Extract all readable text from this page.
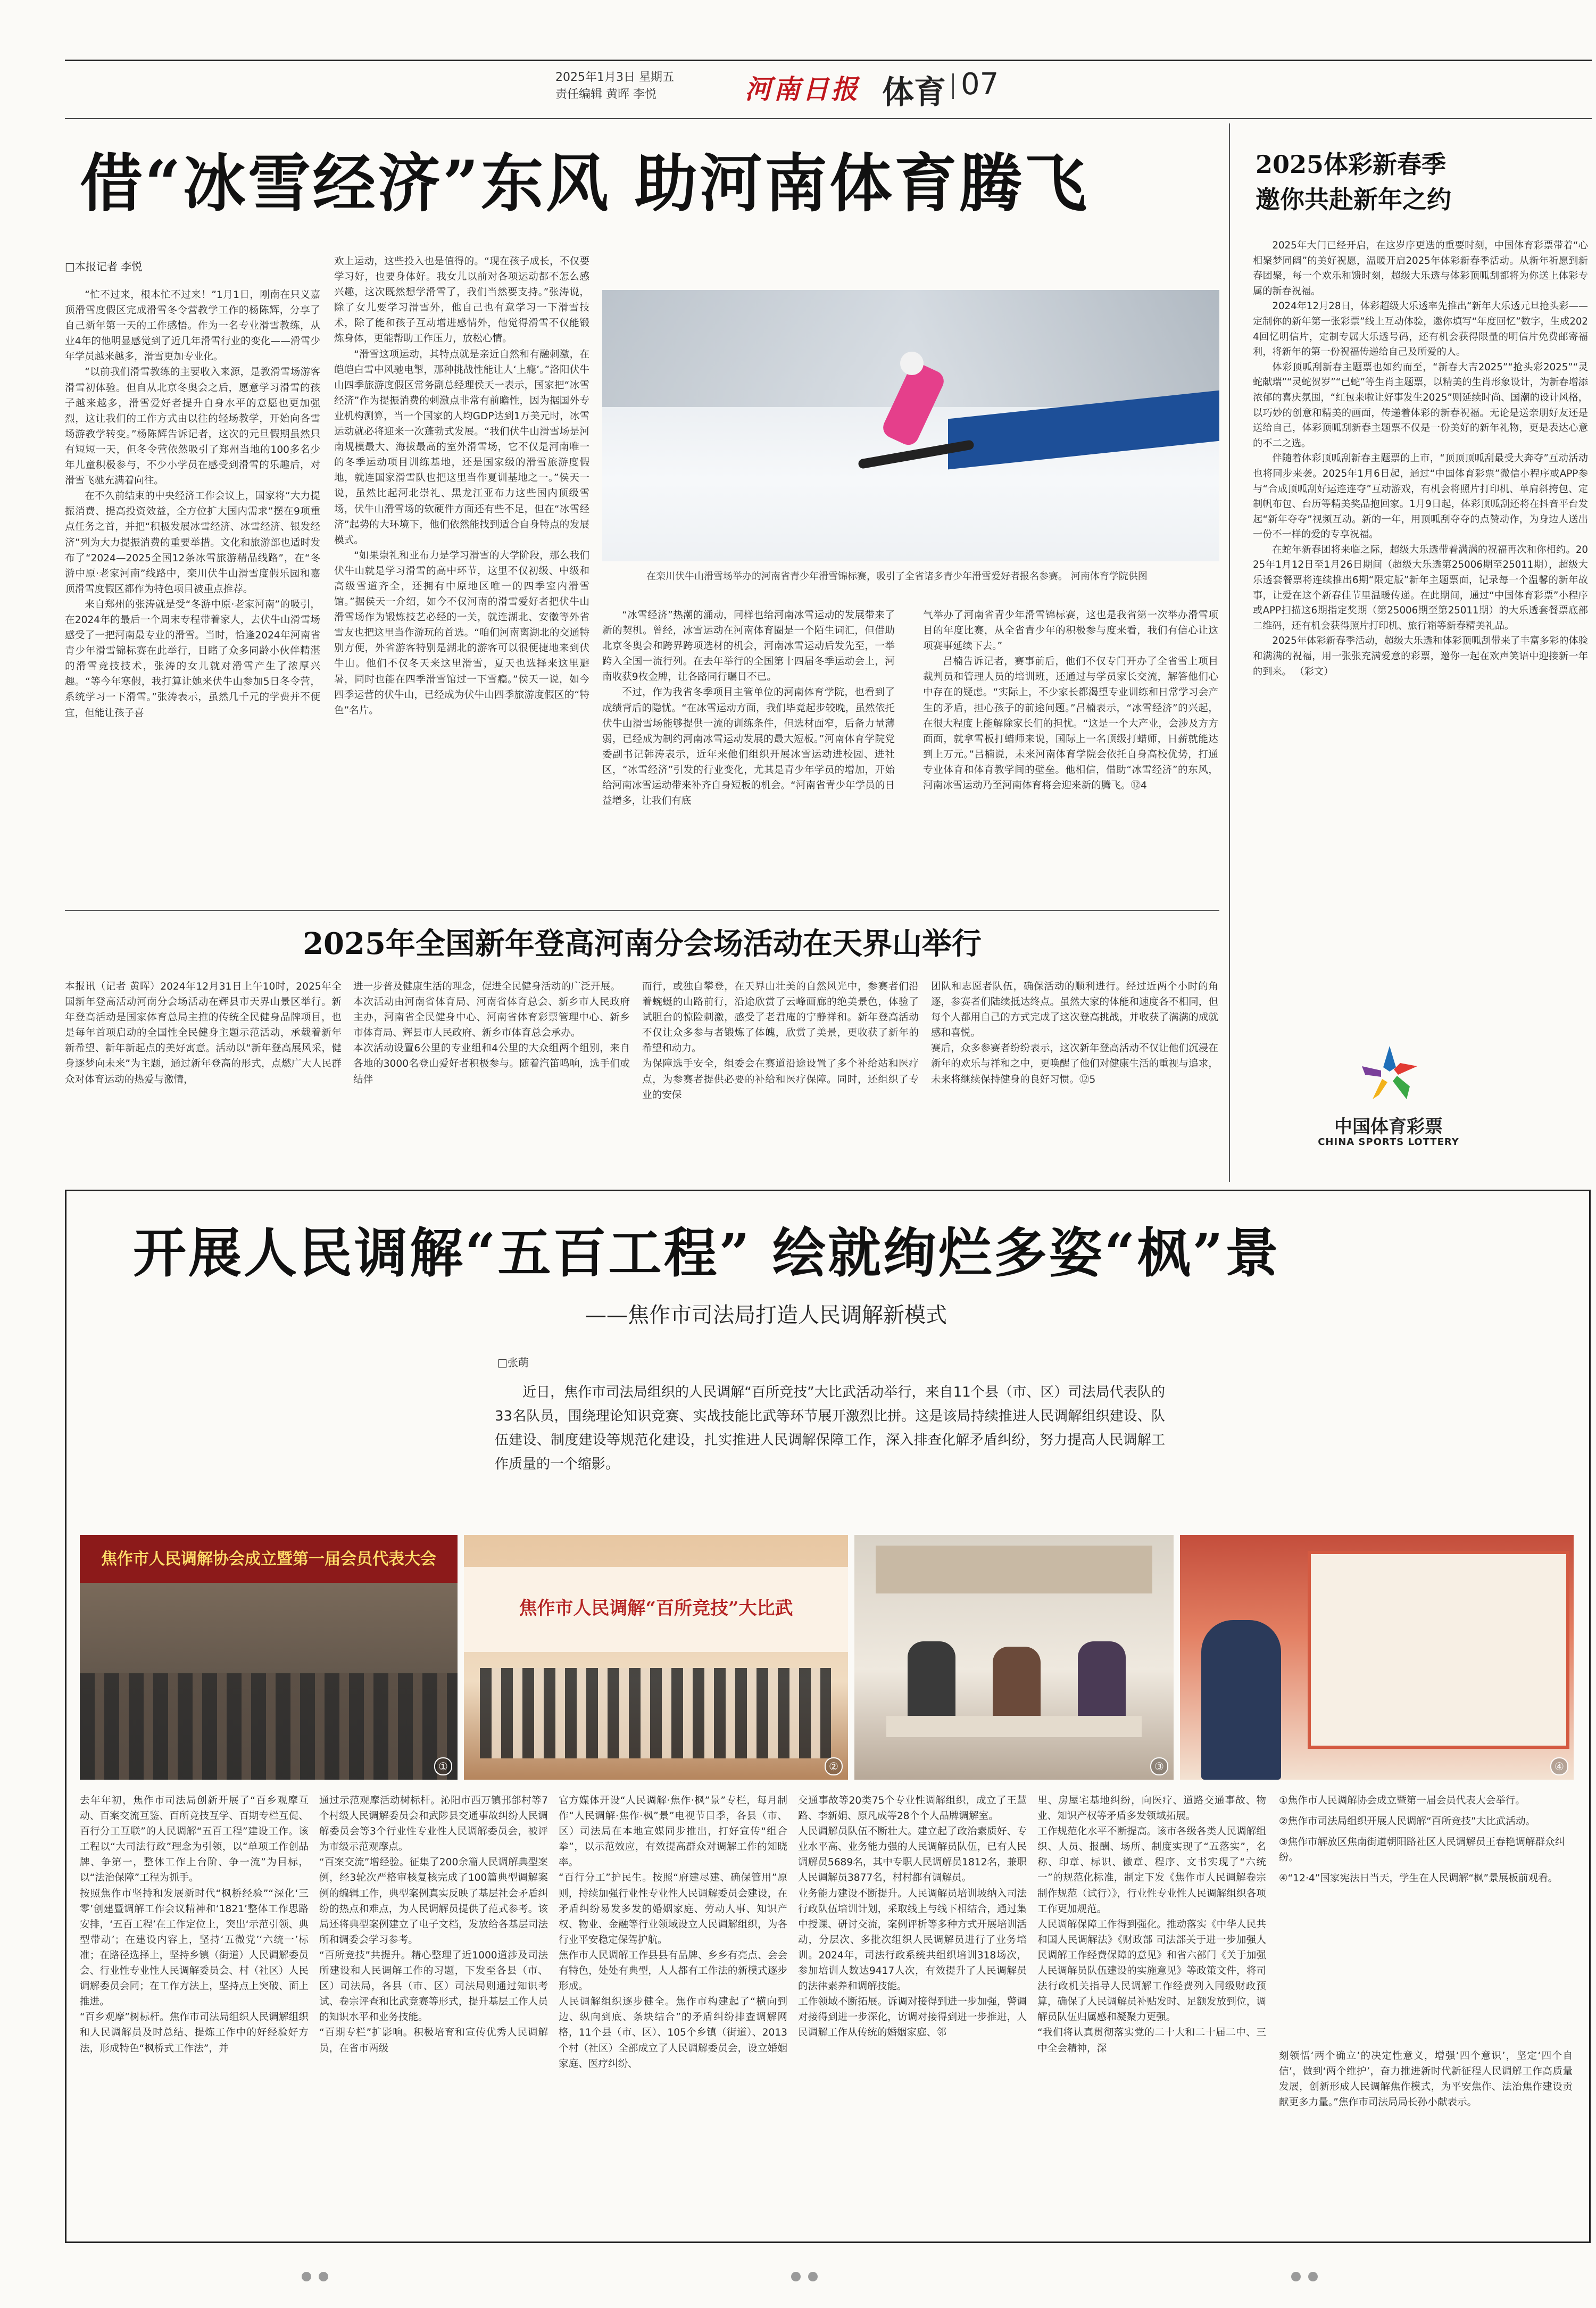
2025年1月3日 星期五
责任编辑 黄晖 李悦	河南日报 体育 07
借“冰雪经济”东风 助河南体育腾飞
□本报记者 李悦

“忙不过来，根本忙不过来！”1月1日，刚南在只义嘉顶滑雪度假区完成滑雪冬令营教学工作的杨陈辉，分享了自己新年第一天的工作感悟。作为一名专业滑雪教练，从业4年的他明显感觉到了近几年滑雪行业的变化——滑雪少年学员越来越多，滑雪更加专业化。

“以前我们滑雪教练的主要收入来源，是教滑雪场游客滑雪初体验。但自从北京冬奥会之后，愿意学习滑雪的孩子越来越多，滑雪爱好者提升自身水平的意愿也更加强烈，这让我们的工作方式由以往的轻场教学，开始向各雪场游教学转变。”杨陈辉告诉记者，这次的元旦假期虽然只有短短一天，但冬令营依然吸引了郑州当地的100多名少年儿童积极参与，不少小学员在感受到滑雪的乐趣后，对滑雪飞驰充满着向往。

在不久前结束的中央经济工作会议上，国家将“大力提振消费、提高投资效益，全方位扩大国内需求”摆在9项重点任务之首，并把“积极发展冰雪经济、冰雪经济、银发经济”列为大力提振消费的重要举措。文化和旅游部也适时发布了“2024—2025全国12条冰雪旅游精品线路”，在“冬游中原·老家河南”线路中，栾川伏牛山滑雪度假乐园和嘉顶滑雪度假区都作为特色项目被重点推荐。

来自郑州的张涛就是受“冬游中原·老家河南”的吸引，在2024年的最后一个周末专程带着家人，去伏牛山滑雪场感受了一把河南最专业的滑雪。当时，恰逢2024年河南省青少年滑雪锦标赛在此举行，目睹了众多同龄小伙伴精湛的滑雪竞技技术，张涛的女儿就对滑雪产生了浓厚兴趣。“等今年寒假，我打算让她来伏牛山参加5日冬令营，系统学习一下滑雪。”张涛表示，虽然几千元的学费并不便宜，但能让孩子喜

欢上运动，这些投入也是值得的。“现在孩子成长，不仅要学习好，也要身体好。我女儿以前对各项运动都不怎么感兴趣，这次既然想学滑雪了，我们当然要支持。”张涛说，除了女儿要学习滑雪外，他自己也有意学习一下滑雪技术，除了能和孩子互动增进感情外，他觉得滑雪不仅能锻炼身体，更能帮助工作压力，放松心情。

“滑雪这项运动，其特点就是亲近自然和有融刺激，在皑皑白雪中风驰电掣，那种挑战性能让人‘上瘾’。”洛阳伏牛山四季旅游度假区常务副总经理侯天一表示，国家把“冰雪经济”作为提振消费的刺激点非常有前瞻性，因为据国外专业机构测算，当一个国家的人均GDP达到1万美元时，冰雪运动就必将迎来一次蓬勃式发展。“我们伏牛山滑雪场是河南规模最大、海拔最高的室外滑雪场，它不仅是河南唯一的冬季运动项目训练基地，还是国家级的滑雪旅游度假地，就连国家滑雪队也把这里当作夏训基地之一。”侯天一说，虽然比起河北崇礼、黑龙江亚布力这些国内顶级雪场，伏牛山滑雪场的软硬件方面还有些不足，但在“冰雪经济”起势的大环境下，他们依然能找到适合自身特点的发展模式。

“如果崇礼和亚布力是学习滑雪的大学阶段，那么我们伏牛山就是学习滑雪的高中环节，这里不仅初级、中级和高级雪道齐全，还拥有中原地区唯一的四季室内滑雪馆。”据侯天一介绍，如今不仅河南的滑雪爱好者把伏牛山滑雪场作为锻炼技艺必经的一关，就连湖北、安徽等外省雪友也把这里当作游玩的首选。“咱们河南离湖北的交通特别方便，外省游客特别是湖北的游客可以很便捷地来到伏牛山。他们不仅冬天来这里滑雪，夏天也选择来这里避暑，同时也能在四季滑雪馆过一下雪瘾。”侯天一说，如今四季运营的伏牛山，已经成为伏牛山四季旅游度假区的“特色”名片。

在栾川伏牛山滑雪场举办的河南省青少年滑雪锦标赛，吸引了全省诸多青少年滑雪爱好者报名参赛。 河南体育学院供图

“冰雪经济”热潮的涌动，同样也给河南冰雪运动的发展带来了新的契机。曾经，冰雪运动在河南体育圈是一个陌生词汇，但借助北京冬奥会和跨界跨项选材的机会，河南冰雪运动后发先至，一举跨入全国一流行列。在去年举行的全国第十四届冬季运动会上，河南收获9枚金牌，让各路同行瞩目不已。

不过，作为我省冬季项目主管单位的河南体育学院，也看到了成绩背后的隐忧。“在冰雪运动方面，我们毕竟起步较晚，虽然依托伏牛山滑雪场能够提供一流的训练条件，但选材面窄，后备力量薄弱，已经成为制约河南冰雪运动发展的最大短板。”河南体育学院党委副书记韩涛表示，近年来他们组织开展冰雪运动进校园、进社区，“冰雪经济”引发的行业变化，尤其是青少年学员的增加，开始给河南冰雪运动带来补齐自身短板的机会。“河南省青少年学员的日益增多，让我们有底

气举办了河南省青少年滑雪锦标赛，这也是我省第一次举办滑雪项目的年度比赛，从全省青少年的积极参与度来看，我们有信心让这项赛事延续下去。”

吕楠告诉记者，赛事前后，他们不仅专门开办了全省雪上项目裁判员和管理人员的培训班，还通过与学员家长交流，解答他们心中存在的疑虑。“实际上，不少家长都渴望专业训练和日常学习会产生的矛盾，担心孩子的前途问题。”吕楠表示，“冰雪经济”的兴起，在很大程度上能解除家长们的担忧。“这是一个大产业，会涉及方方面面，就拿雪板打蜡师来说，国际上一名顶级打蜡师，日薪就能达到上万元。”吕楠说，未来河南体育学院会依托自身高校优势，打通专业体育和体育教学间的壁垒。他相信，借助“冰雪经济”的东风，河南冰雪运动乃至河南体育将会迎来新的腾飞。⑫4

2025体彩新春季
邀你共赴新年之约

2025年大门已经开启，在这岁序更迭的重要时刻，中国体育彩票带着“心相聚梦同阔”的美好祝愿，温暖开启2025年体彩新春季活动。从新年祈愿到新春团聚，每一个欢乐和馈时刻，超级大乐透与体彩顶呱刮都将为你送上体彩专属的新春祝福。

2024年12月28日，体彩超级大乐透率先推出“新年大乐透元旦抢头彩——定制你的新年第一张彩票”线上互动体验，邀你填写“年度回忆”数字，生成2024回忆明信片，定制专属大乐透号码，还有机会获得限量的明信片免费邮寄福利，将新年的第一份祝福传递给自己及所爱的人。

体彩顶呱刮新春主题票也如约而至，“新春大吉2025”“抢头彩2025”“灵蛇献瑞”“灵蛇贺岁”“已蛇”等生肖主题票，以精美的生肖形象设计，为新春增添浓郁的喜庆氛围，“红包来啦让好事发生2025”则延续时尚、国潮的设计风格，以巧妙的创意和精美的画面，传递着体彩的新春祝福。无论是送亲朋好友还是送给自己，体彩顶呱刮新春主题票不仅是一份美好的新年礼物，更是表达心意的不二之选。

伴随着体彩顶呱刮新春主题票的上市，“顶顶顶呱刮最受大奔夺”互动活动也将同步来袭。2025年1月6日起，通过“中国体育彩票”微信小程序或APP参与“合成顶呱刮好运连连夺”互动游戏，有机会将照片打印机、单肩斜挎包、定制帆布包、台历等精美奖品抱回家。1月9日起，体彩顶呱刮还将在抖音平台发起“新年夺夺”视频互动。新的一年，用顶呱刮夺夺的点赞动作，为身边人送出一份不一样的爱的专享祝福。

在蛇年新春团将来临之际，超级大乐透带着满满的祝福再次和你相约。2025年1月12日至1月26日期间（超级大乐透第25006期至25011期），超级大乐透套餐票将连续推出6期“限定版”新年主题票面，记录每一个温馨的新年故事，让爱在这个新春佳节里温暖传递。在此期间，通过“中国体育彩票”小程序或APP扫描这6期指定奖期（第25006期至第25011期）的大乐透套餐票底部二维码，还有机会获得照片打印机、旅行箱等新春精美礼品。

2025年体彩新春季活动，超级大乐透和体彩顶呱刮带来了丰富多彩的体验和满满的祝福，用一张张充满爱意的彩票，邀你一起在欢声笑语中迎接新一年的到来。 （彩文）

中国体育彩票
CHINA SPORTS LOTTERY
2025年全国新年登高河南分会场活动在天界山举行
本报讯（记者 黄晖）2024年12月31日上午10时，2025年全国新年登高活动河南分会场活动在辉县市天界山景区举行。新年登高活动是国家体育总局主推的传统全民健身品牌项目，也是每年首项启动的全国性全民健身主题示范活动，承载着新年新希望、新年新起点的美好寓意。活动以“新年登高展风采，健身逐梦向未来”为主题，通过新年登高的形式，点燃广大人民群众对体育运动的热爱与激情，
进一步普及健康生活的理念，促进全民健身活动的广泛开展。
本次活动由河南省体育局、河南省体育总会、新乡市人民政府主办，河南省全民健身中心、河南省体育彩票管理中心、新乡市体育局、辉县市人民政府、新乡市体育总会承办。
本次活动设置6公里的专业组和4公里的大众组两个组别，来自各地的3000名登山爱好者积极参与。随着汽笛鸣响，选手们或结伴
而行，或独自攀登，在天界山壮美的自然风光中，参赛者们沿着蜿蜒的山路前行，沿途欣赏了云峰画廊的绝美景色，体验了试胆台的惊险刺激，感受了老君庵的宁静祥和。新年登高活动不仅让众多参与者锻炼了体魄，欣赏了美景，更收获了新年的希望和动力。
为保障选手安全，组委会在赛道沿途设置了多个补给站和医疗点，为参赛者提供必要的补给和医疗保障。同时，还组织了专业的安保
团队和志愿者队伍，确保活动的顺利进行。经过近两个小时的角逐，参赛者们陆续抵达终点。虽然大家的体能和速度各不相同，但每个人都用自己的方式完成了这次登高挑战，并收获了满满的成就感和喜悦。
赛后，众多参赛者纷纷表示，这次新年登高活动不仅让他们沉浸在新年的欢乐与祥和之中，更唤醒了他们对健康生活的重视与追求，未来将继续保持健身的良好习惯。⑫5
开展人民调解“五百工程” 绘就绚烂多姿“枫”景
——焦作市司法局打造人民调解新模式
□张萌
近日，焦作市司法局组织的人民调解“百所竞技”大比武活动举行，来自11个县（市、区）司法局代表队的33名队员，围绕理论知识竞赛、实战技能比武等环节展开激烈比拼。这是该局持续推进人民调解组织建设、队伍建设、制度建设等规范化建设，扎实推进人民调解保障工作，深入排查化解矛盾纠纷，努力提高人民调解工作质量的一个缩影。
焦作市人民调解协会成立暨第一届会员代表大会
①
焦作市人民调解“百所竞技”大比武
②	③	④
去年年初，焦作市司法局创新开展了“百乡观摩互动、百案交流互鉴、百所竞技互学、百期专栏互促、百行分工互联”的人民调解“五百工程”建设工作。该工程以“大司法行政”理念为引领，以“单项工作创品牌、争第一，整体工作上台阶、争一流”为目标，以“法治保障”工程为抓手。
按照焦作市坚持和发展新时代“枫桥经验”“深化‘三零’创建暨调解工作会议精神和‘1821’整体工作思路安排，‘五百工程’在工作定位上，突出‘示范引领、典型带动’；在建设内容上，坚持‘五微党’‘六统一’标准；在路径选择上，坚持乡镇（街道）人民调解委员会、行业性专业性人民调解委员会、村（社区）人民调解委员会同；在工作方法上，坚持点上突破、面上推进。
“百乡观摩”树标杆。焦作市司法局组织人民调解组织和人民调解员及时总结、提炼工作中的好经验好方法，形成特色“枫桥式工作法”，并
通过示范观摩活动树标杆。沁阳市西万镇邘郃村等7个村级人民调解委员会和武陟县交通事故纠纷人民调解委员会等3个行业性专业性人民调解委员会，被评为市级示范观摩点。
“百案交流”增经验。征集了200余篇人民调解典型案例，经3轮次严格审核复核完成了100篇典型调解案例的编辑工作，典型案例真实反映了基层社会矛盾纠纷的热点和难点，为人民调解员提供了范式参考。该局还将典型案例建立了电子文档，发放给各基层司法所和调委会学习参考。
“百所竞技”共提升。精心整理了近1000道涉及司法所建设和人民调解工作的习题，下发至各县（市、区）司法局，各县（市、区）司法局则通过知识考试、卷宗评查和比武竞赛等形式，提升基层工作人员的知识水平和业务技能。
“百期专栏”扩影响。积极培育和宣传优秀人民调解员，在省市两级
官方媒体开设“人民调解·焦作·枫”景”专栏，每月制作“人民调解·焦作·枫”景”电视节目季，各县（市、区）司法局在本地宣媒同步推出，打好宣传“组合拳”，以示范效应，有效提高群众对调解工作的知晓率。
“百行分工”护民生。按照“府建尽建、确保管用”原则，持续加强行业性专业性人民调解委员会建设，在矛盾纠纷易发多发的婚姻家庭、劳动人事、知识产权、物业、金融等行业领域设立人民调解组织，为各行业平安稳定保驾护航。
焦作市人民调解工作县县有品牌、乡乡有亮点、会会有特色，处处有典型，人人都有工作法的新模式逐步形成。
人民调解组织逐步健全。焦作市构建起了“横向到边、纵向到底、条块结合”的矛盾纠纷排查调解网格，11个县（市、区）、105个乡镇（街道）、2013个村（社区）全部成立了人民调解委员会，设立婚姻家庭、医疗纠纷、
交通事故等20类75个专业性调解组织，成立了王慧路、李新娟、原凡成等28个个人品牌调解室。
人民调解员队伍不断壮大。建立起了政治素质好、专业水平高、业务能力强的人民调解员队伍，已有人民调解员5689名，其中专职人民调解员1812名，兼职人民调解员3877名，村村都有调解员。
业务能力建设不断提升。人民调解员培训坡纳入司法行政队伍培训计划，采取线上与线下相结合，通过集中授课、研讨交流，案例评析等多种方式开展培训活动，分层次、多批次组织人民调解员进行了业务培训。2024年，司法行政系统共组织培训318场次，参加培训人数达9417人次，有效提升了人民调解员的法律素养和调解技能。
工作领域不断拓展。诉调对接得到进一步加强，警调对接得到进一步深化，访调对接得到进一步推进，人民调解工作从传统的婚姻家庭、邻
里、房屋宅基地纠纷，向医疗、道路交通事故、物业、知识产权等矛盾多发领域拓展。
工作规范化水平不断提高。该市各级各类人民调解组织、人员、报酬、场所、制度实现了“五落实”，名称、印章、标识、徽章、程序、文书实现了“六统一”的规范化标准，制定下发《焦作市人民调解卷宗制作规范（试行）》，行业性专业性人民调解组织各项工作更加规范。
人民调解保障工作得到强化。推动落实《中华人民共和国人民调解法》《财政部 司法部关于进一步加强人民调解工作经费保障的意见》和省六部门《关于加强人民调解员队伍建设的实施意见》等政策文件，将司法行政机关指导人民调解工作经费列入同级财政预算，确保了人民调解员补贴发时、足额发放到位，调解员队伍归属感和凝聚力更强。
“我们将认真贯彻落实党的二十大和二十届二中、三中全会精神，深
①焦作市人民调解协会成立暨第一届会员代表大会举行。
②焦作市司法局组织开展人民调解“百所竞技”大比武活动。
③焦作市解放区焦南街道朝阳路社区人民调解员王春艳调解群众纠纷。
④“12·4”国家宪法日当天，学生在人民调解“枫”景展板前观看。
刻领悟‘两个确立’的决定性意义，增强‘四个意识’，坚定‘四个自信’，做到‘两个维护’，奋力推进新时代新征程人民调解工作高质量发展，创新形成人民调解焦作模式，为平安焦作、法治焦作建设贡献更多力量。”焦作市司法局局长孙小献表示。
